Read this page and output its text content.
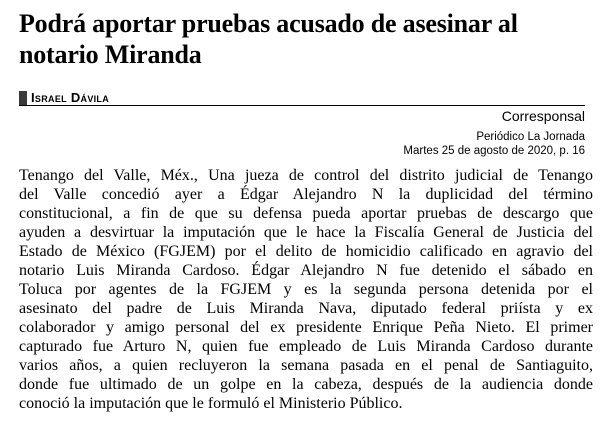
Podrá aportar pruebas acusado de asesinar al
notario Miranda
Israel Dávila
Corresponsal
Periódico La Jornada
Martes 25 de agosto de 2020, p. 16
Tenango del Valle, Méx., Una jueza de control del distrito judicial de Tenango
del Valle concedió ayer a Édgar Alejandro N la duplicidad del término
constitucional, a fin de que su defensa pueda aportar pruebas de descargo que
ayuden a desvirtuar la imputación que le hace la Fiscalía General de Justicia del
Estado de México (FGJEM) por el delito de homicidio calificado en agravio del
notario Luis Miranda Cardoso. Édgar Alejandro N fue detenido el sábado en
Toluca por agentes de la FGJEM y es la segunda persona detenida por el
asesinato del padre de Luis Miranda Nava, diputado federal priísta y ex
colaborador y amigo personal del ex presidente Enrique Peña Nieto. El primer
capturado fue Arturo N, quien fue empleado de Luis Miranda Cardoso durante
varios años, a quien recluyeron la semana pasada en el penal de Santiaguito,
donde fue ultimado de un golpe en la cabeza, después de la audiencia donde
conoció la imputación que le formuló el Ministerio Público.
